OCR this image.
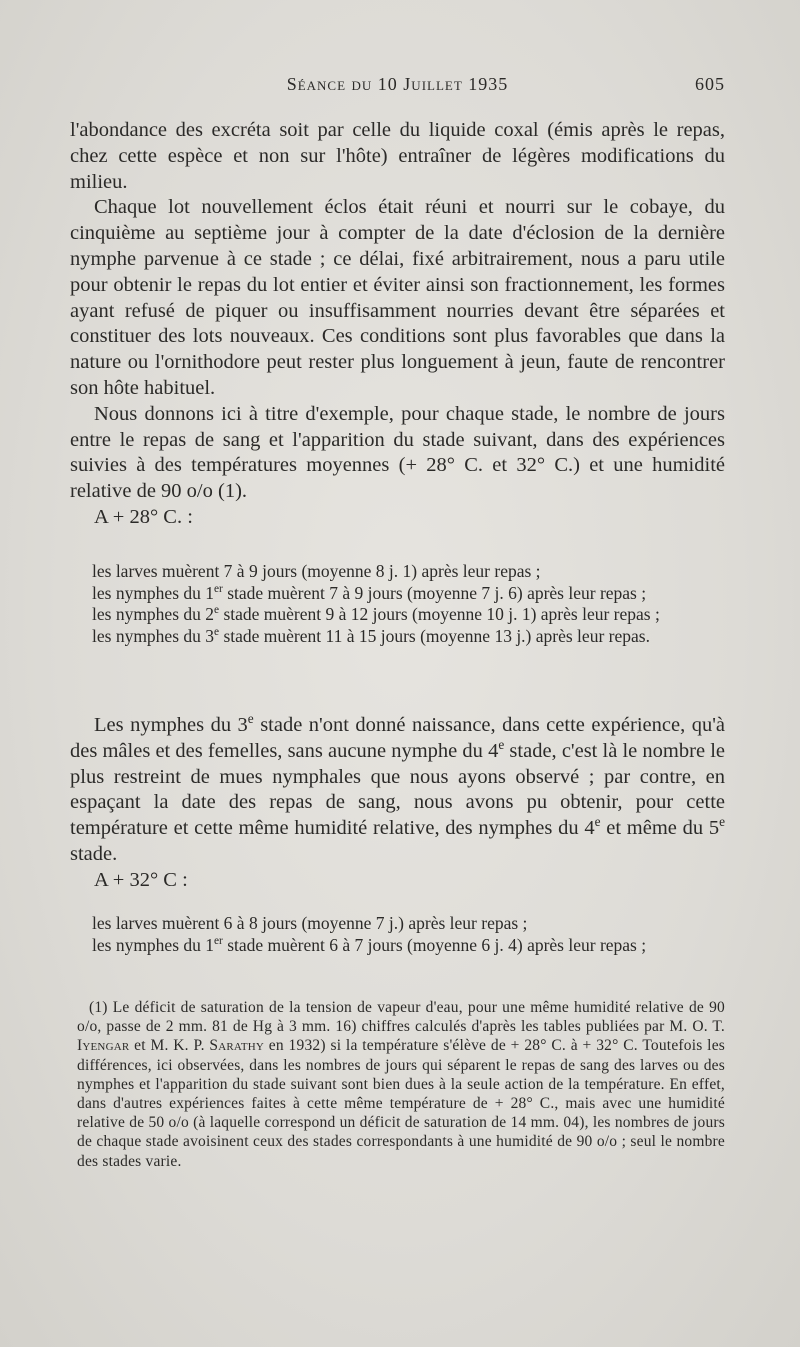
Séance du 10 Juillet 1935	605

l'abondance des excréta soit par celle du liquide coxal (émis après le repas, chez cette espèce et non sur l'hôte) entraîner de légères modifications du milieu.

Chaque lot nouvellement éclos était réuni et nourri sur le cobaye, du cinquième au septième jour à compter de la date d'éclosion de la dernière nymphe parvenue à ce stade ; ce délai, fixé arbitrairement, nous a paru utile pour obtenir le repas du lot entier et éviter ainsi son fractionnement, les formes ayant refusé de piquer ou insuffisamment nourries devant être séparées et constituer des lots nouveaux. Ces conditions sont plus favorables que dans la nature ou l'ornithodore peut rester plus longuement à jeun, faute de rencontrer son hôte habituel.

Nous donnons ici à titre d'exemple, pour chaque stade, le nombre de jours entre le repas de sang et l'apparition du stade suivant, dans des expériences suivies à des températures moyennes (+ 28° C. et 32° C.) et une humidité relative de 90 o/o (1).

A + 28° C. :

les larves muèrent 7 à 9 jours (moyenne 8 j. 1) après leur repas ;

les nymphes du 1er stade muèrent 7 à 9 jours (moyenne 7 j. 6) après leur repas ;

les nymphes du 2e stade muèrent 9 à 12 jours (moyenne 10 j. 1) après leur repas ;

les nymphes du 3e stade muèrent 11 à 15 jours (moyenne 13 j.) après leur repas.

Les nymphes du 3e stade n'ont donné naissance, dans cette expérience, qu'à des mâles et des femelles, sans aucune nymphe du 4e stade, c'est là le nombre le plus restreint de mues nymphales que nous ayons observé ; par contre, en espaçant la date des repas de sang, nous avons pu obtenir, pour cette température et cette même humidité relative, des nymphes du 4e et même du 5e stade.

A + 32° C :

les larves muèrent 6 à 8 jours (moyenne 7 j.) après leur repas ;

les nymphes du 1er stade muèrent 6 à 7 jours (moyenne 6 j. 4) après leur repas ;

(1) Le déficit de saturation de la tension de vapeur d'eau, pour une même humidité relative de 90 o/o, passe de 2 mm. 81 de Hg à 3 mm. 16) chiffres calculés d'après les tables publiées par M. O. T. Iyengar et M. K. P. Sarathy en 1932) si la température s'élève de + 28° C. à + 32° C. Toutefois les différences, ici observées, dans les nombres de jours qui séparent le repas de sang des larves ou des nymphes et l'apparition du stade suivant sont bien dues à la seule action de la température. En effet, dans d'autres expériences faites à cette même température de + 28° C., mais avec une humidité relative de 50 o/o (à laquelle correspond un déficit de saturation de 14 mm. 04), les nombres de jours de chaque stade avoisinent ceux des stades correspondants à une humidité de 90 o/o ; seul le nombre des stades varie.
